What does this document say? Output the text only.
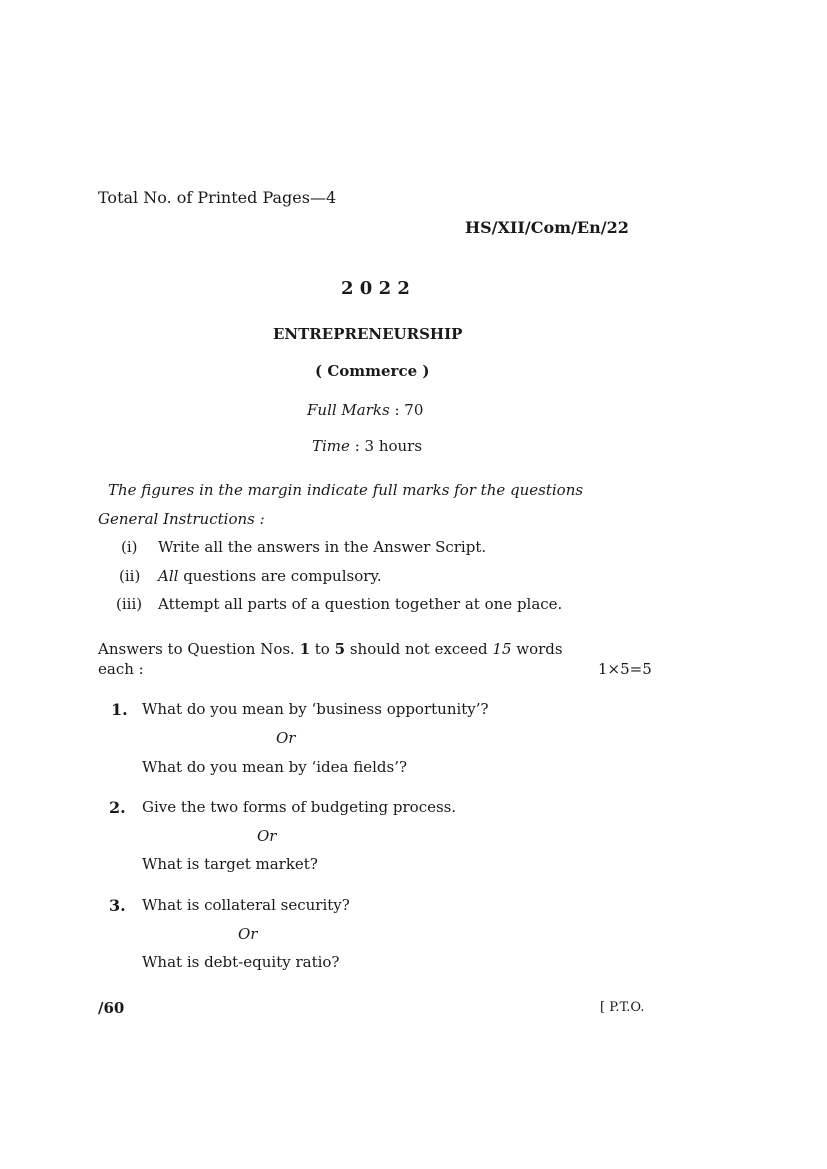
Total No. of Printed Pages—4
HS/XII/Com/En/22
2 0 2 2
ENTREPRENEURSHIP
( Commerce )
Full Marks : 70
Time : 3 hours
The figures in the margin indicate full marks for the questions
General Instructions :
(i) Write all the answers in the Answer Script.
(ii) All questions are compulsory.
(iii) Attempt all parts of a question together at one place.
Answers to Question Nos. 1 to 5 should not exceed 15 words
each :	1×5=5
1. What do you mean by ‘business opportunity’?
Or
What do you mean by ‘idea fields’?
2. Give the two forms of budgeting process.
Or
What is target market?
3. What is collateral security?
Or
What is debt-equity ratio?
/60	[ P.T.O.
